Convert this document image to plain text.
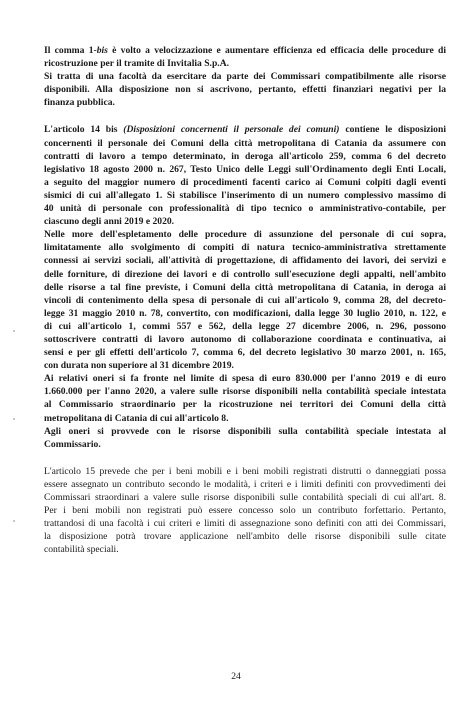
Il comma 1-bis è volto a velocizzazione e aumentare efficienza ed efficacia delle procedure di
ricostruzione per il tramite di Invitalia S.p.A.
Si tratta di una facoltà da esercitare da parte dei Commissari compatibilmente alle risorse
disponibili. Alla disposizione non si ascrivono, pertanto, effetti finanziari negativi per la
finanza pubblica.
L'articolo 14 bis (Disposizioni concernenti il personale dei comuni) contiene le disposizioni
concernenti il personale dei Comuni della città metropolitana di Catania da assumere con
contratti di lavoro a tempo determinato, in deroga all'articolo 259, comma 6 del decreto
legislativo 18 agosto 2000 n. 267, Testo Unico delle Leggi sull'Ordinamento degli Enti Locali,
a seguito del maggior numero di procedimenti facenti carico ai Comuni colpiti dagli eventi
sismici di cui all'allegato 1. Si stabilisce l'inserimento di un numero complessivo massimo di
40 unità di personale con professionalità di tipo tecnico o amministrativo-contabile, per
ciascuno degli anni 2019 e 2020.
Nelle more dell'espletamento delle procedure di assunzione del personale di cui sopra,
limitatamente allo svolgimento di compiti di natura tecnico-amministrativa strettamente
connessi ai servizi sociali, all'attività di progettazione, di affidamento dei lavori, dei servizi e
delle forniture, di direzione dei lavori e di controllo sull'esecuzione degli appalti, nell'ambito
delle risorse a tal fine previste, i Comuni della città metropolitana di Catania, in deroga ai
vincoli di contenimento della spesa di personale di cui all'articolo 9, comma 28, del decreto-
legge 31 maggio 2010 n. 78, convertito, con modificazioni, dalla legge 30 luglio 2010, n. 122, e
di cui all'articolo 1, commi 557 e 562, della legge 27 dicembre 2006, n. 296, possono
sottoscrivere contratti di lavoro autonomo di collaborazione coordinata e continuativa, ai
sensi e per gli effetti dell'articolo 7, comma 6, del decreto legislativo 30 marzo 2001, n. 165,
con durata non superiore al 31 dicembre 2019.
Ai relativi oneri si fa fronte nel limite di spesa di euro 830.000 per l'anno 2019 e di euro
1.660.000 per l'anno 2020, a valere sulle risorse disponibili nella contabilità speciale intestata
al Commissario straordinario per la ricostruzione nei territori dei Comuni della città
metropolitana di Catania di cui all'articolo 8.
Agli oneri si provvede con le risorse disponibili sulla contabilità speciale intestata al
Commissario.
L'articolo 15 prevede che per i beni mobili e i beni mobili registrati distrutti o danneggiati possa
essere assegnato un contributo secondo le modalità, i criteri e i limiti definiti con provvedimenti dei
Commissari straordinari a valere sulle risorse disponibili sulle contabilità speciali di cui all'art. 8.
Per i beni mobili non registrati può essere concesso solo un contributo forfettario. Pertanto,
trattandosi di una facoltà i cui criteri e limiti di assegnazione sono definiti con atti dei Commissari,
la disposizione potrà trovare applicazione nell'ambito delle risorse disponibili sulle citate
contabilità speciali.
24
